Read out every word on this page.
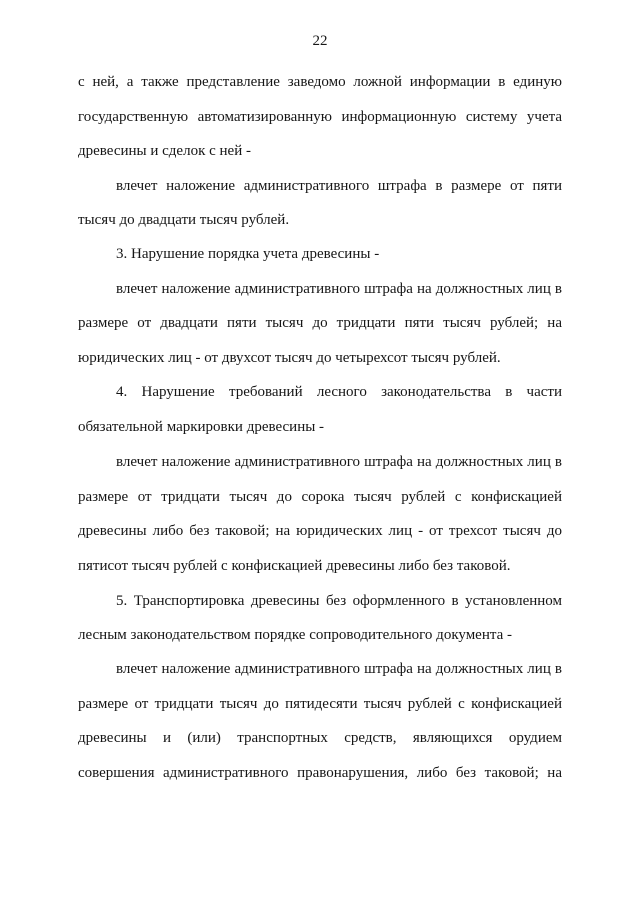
22
с ней, а также представление заведомо ложной информации в единую
государственную автоматизированную информационную систему учета
древесины и сделок с ней -
влечет наложение административного штрафа в размере от пяти
тысяч до двадцати тысяч рублей.
3. Нарушение порядка учета древесины -
влечет наложение административного штрафа на должностных лиц в
размере от двадцати пяти тысяч до тридцати пяти тысяч рублей; на
юридических лиц - от двухсот тысяч до четырехсот тысяч рублей.
4. Нарушение требований лесного законодательства в части
обязательной маркировки древесины -
влечет наложение административного штрафа на должностных лиц в
размере от тридцати тысяч до сорока тысяч рублей с конфискацией
древесины либо без таковой; на юридических лиц - от трехсот тысяч до
пятисот тысяч рублей с конфискацией древесины либо без таковой.
5. Транспортировка древесины без оформленного в установленном
лесным законодательством порядке сопроводительного документа -
влечет наложение административного штрафа на должностных лиц в
размере от тридцати тысяч до пятидесяти тысяч рублей с конфискацией
древесины и (или) транспортных средств, являющихся орудием
совершения административного правонарушения, либо без таковой; на
